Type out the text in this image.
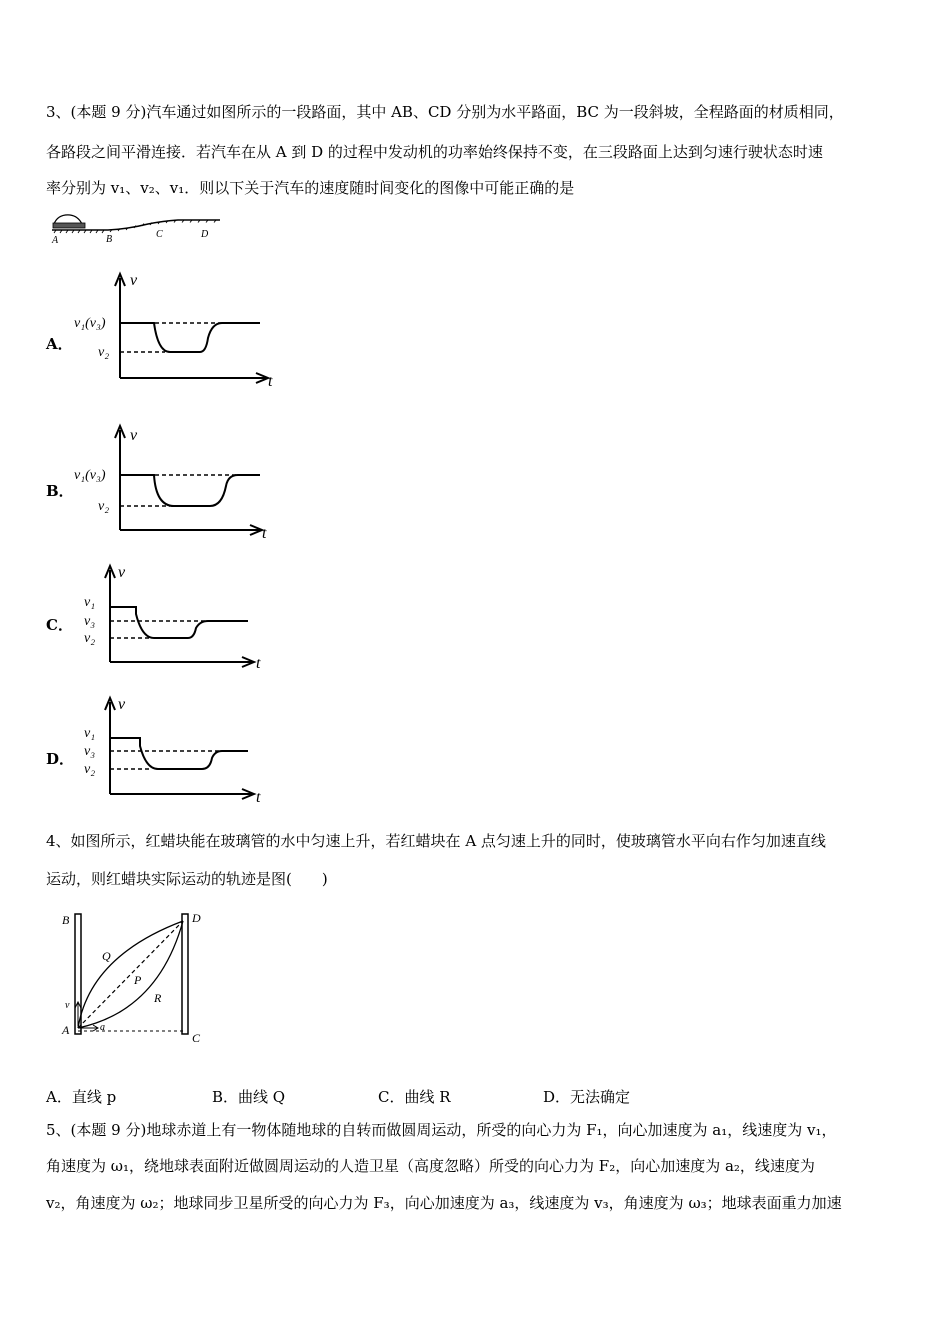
3、(本题 9 分)汽车通过如图所示的一段路面，其中 AB、CD 分别为水平路面，BC 为一段斜坡，全程路面的材质相同，
各路段之间平滑连接．若汽车在从 A 到 D 的过程中发动机的功率始终保持不变，在三段路面上达到匀速行驶状态时速
率分别为 v₁、v₂、v₁．则以下关于汽车的速度随时间变化的图像中可能正确的是
A	B	C	D
A．
v
t
v₁(v₃)
v₂
B．
v
t
v₁(v₃)
v₂
C．
v
t
v₁
v₃
v₂
D．
v
t
v₁
v₃
v₂
4、如图所示，红蜡块能在玻璃管的水中匀速上升，若红蜡块在 A 点匀速上升的同时，使玻璃管水平向右作匀加速直线
运动，则红蜡块实际运动的轨迹是图(　　)
B	D
A
C
Q
P
R
v
a
A．直线 p	B．曲线 Q	C．曲线 R	D．无法确定
5、(本题 9 分)地球赤道上有一物体随地球的自转而做圆周运动，所受的向心力为 F₁，向心加速度为 a₁，线速度为 v₁，
角速度为 ω₁，绕地球表面附近做圆周运动的人造卫星（高度忽略）所受的向心力为 F₂，向心加速度为 a₂，线速度为
v₂，角速度为 ω₂；地球同步卫星所受的向心力为 F₃，向心加速度为 a₃，线速度为 v₃，角速度为 ω₃；地球表面重力加速
